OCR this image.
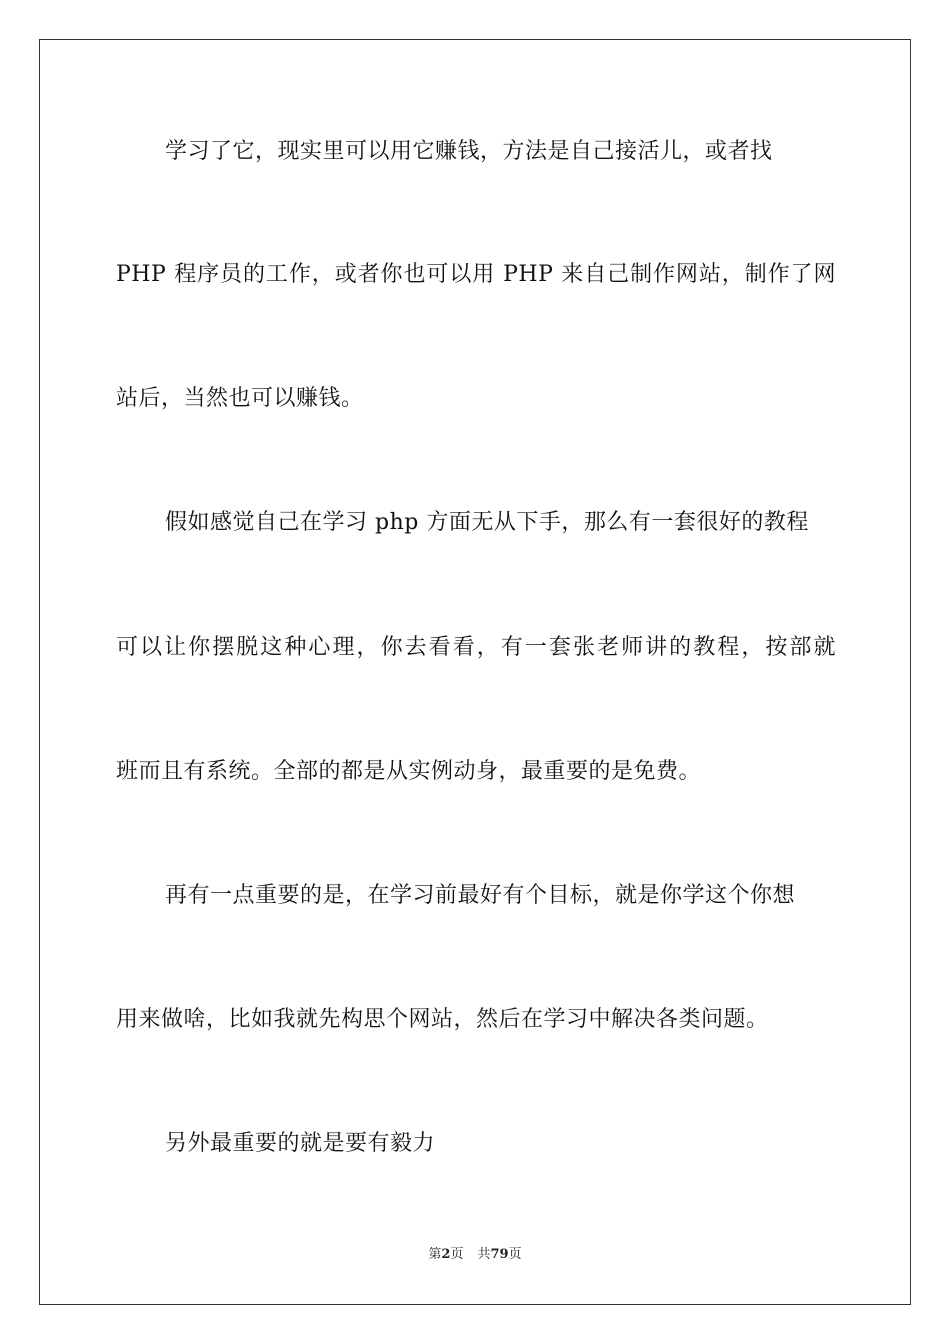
学习了它，现实里可以用它赚钱，方法是自己接活儿，或者找
PHP 程序员的工作，或者你也可以用 PHP 来自己制作网站，制作了网
站后，当然也可以赚钱。
假如感觉自己在学习 php 方面无从下手，那么有一套很好的教程
可以让你摆脱这种心理，你去看看，有一套张老师讲的教程，按部就
班而且有系统。全部的都是从实例动身，最重要的是免费。
再有一点重要的是，在学习前最好有个目标，就是你学这个你想
用来做啥，比如我就先构思个网站，然后在学习中解决各类问题。
另外最重要的就是要有毅力
第2页 共79页
